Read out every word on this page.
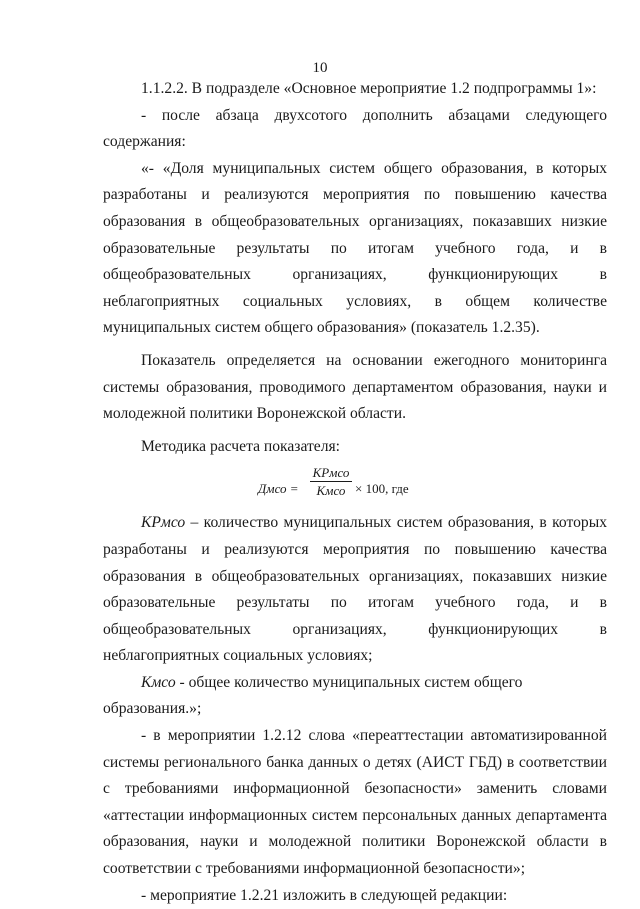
10

1.1.2.2. В подразделе «Основное мероприятие 1.2 подпрограммы 1»:

- после абзаца двухсотого дополнить абзацами следующего содержания:

«- «Доля муниципальных систем общего образования, в которых разработаны и реализуются мероприятия по повышению качества образования в общеобразовательных организациях, показавших низкие образовательные результаты по итогам учебного года, и в общеобразовательных организациях, функционирующих в неблагоприятных социальных условиях, в общем количестве муниципальных систем общего образования» (показатель 1.2.35).

Показатель определяется на основании ежегодного мониторинга системы образования, проводимого департаментом образования, науки и молодежной политики Воронежской области.

Методика расчета показателя:

Дмсо =
КРмсо
Кмсо × 100, где

КРмсо – количество муниципальных систем образования, в которых разработаны и реализуются мероприятия по повышению качества образования в общеобразовательных организациях, показавших низкие образовательные результаты по итогам учебного года, и в общеобразовательных организациях, функционирующих в неблагоприятных социальных условиях;

Кмсо - общее количество муниципальных систем общего образования.»;

- в мероприятии 1.2.12 слова «переаттестации автоматизированной системы регионального банка данных о детях (АИСТ ГБД) в соответствии с требованиями информационной безопасности» заменить словами «аттестации информационных систем персональных данных департамента образования, науки и молодежной политики Воронежской области в соответствии с требованиями информационной безопасности»;

- мероприятие 1.2.21 изложить в следующей редакции:
